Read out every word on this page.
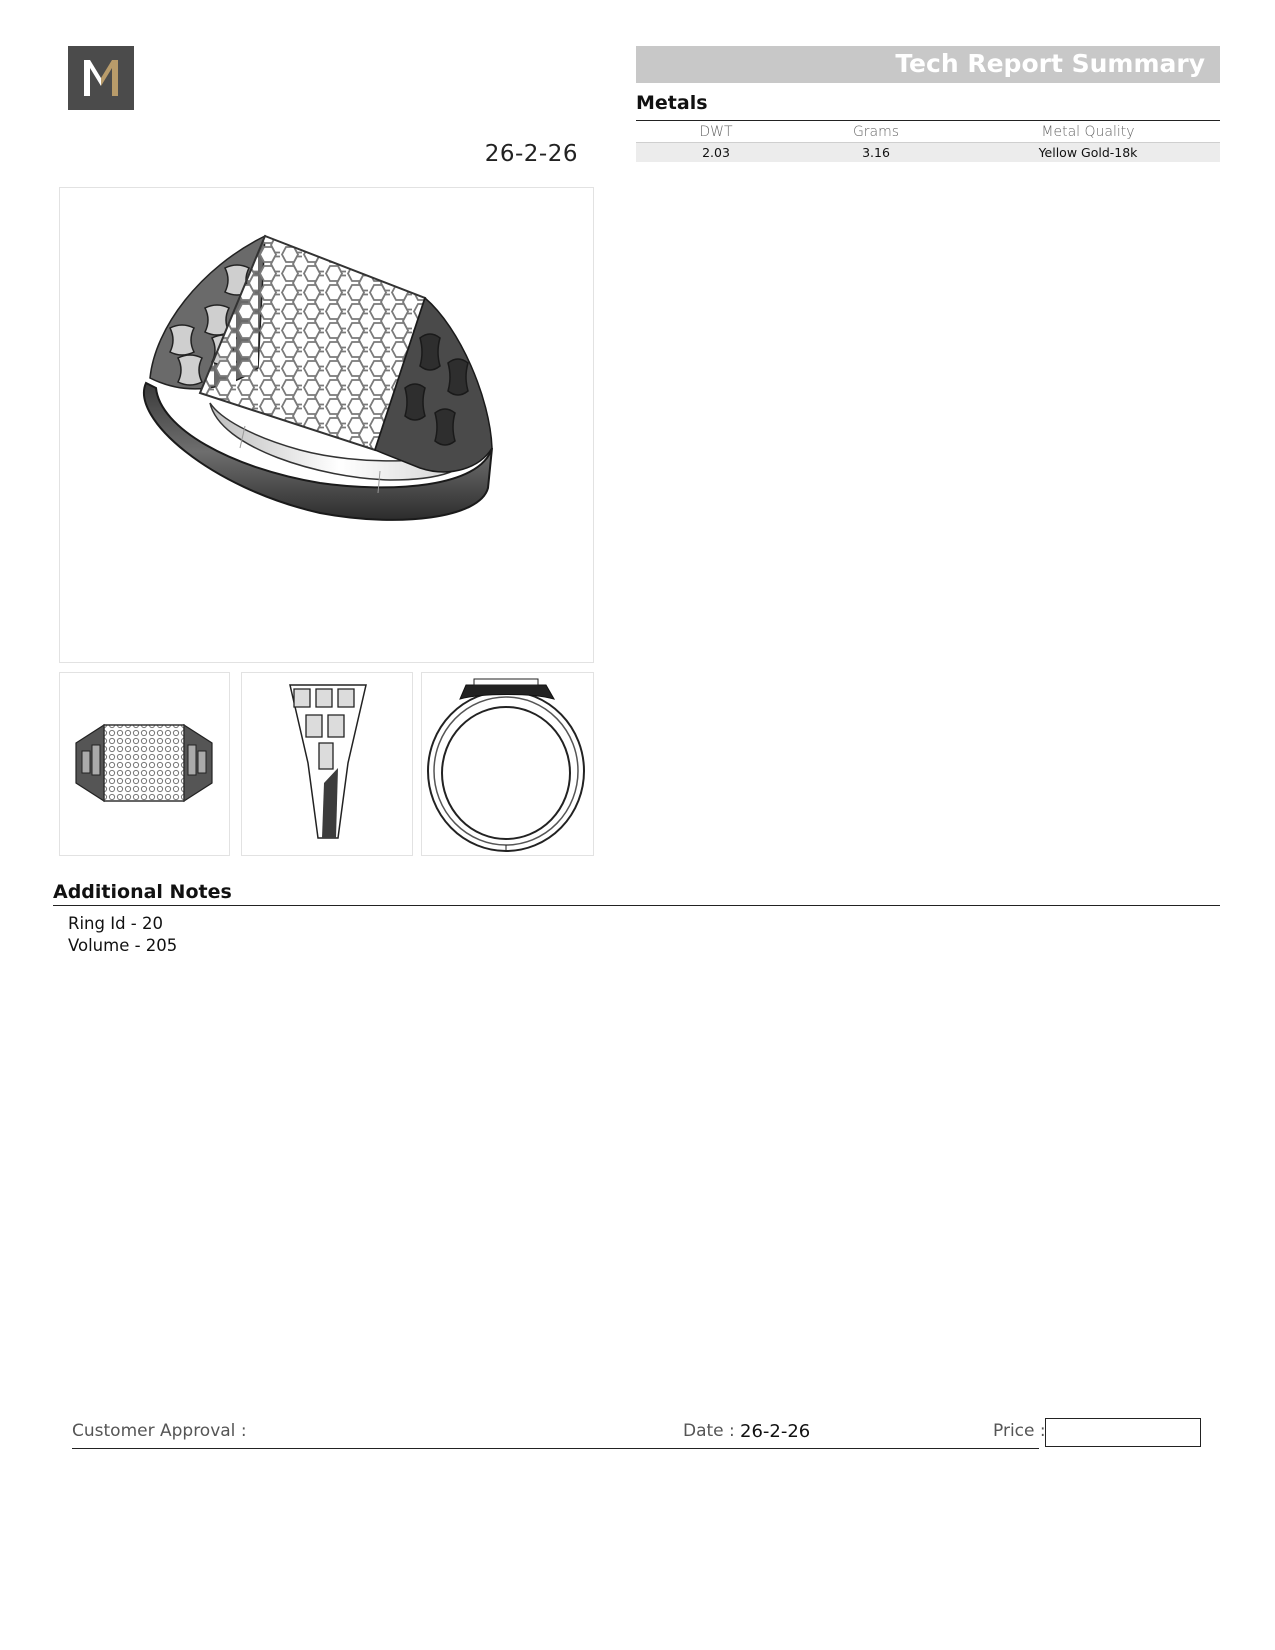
26-2-26
Tech Report Summary
Metals
DWT	Grams	Metal Quality
2.03	3.16	Yellow Gold-18k
Additional Notes
Ring Id - 20
Volume - 205
Customer Approval :	Date : 26-2-26	Price :
